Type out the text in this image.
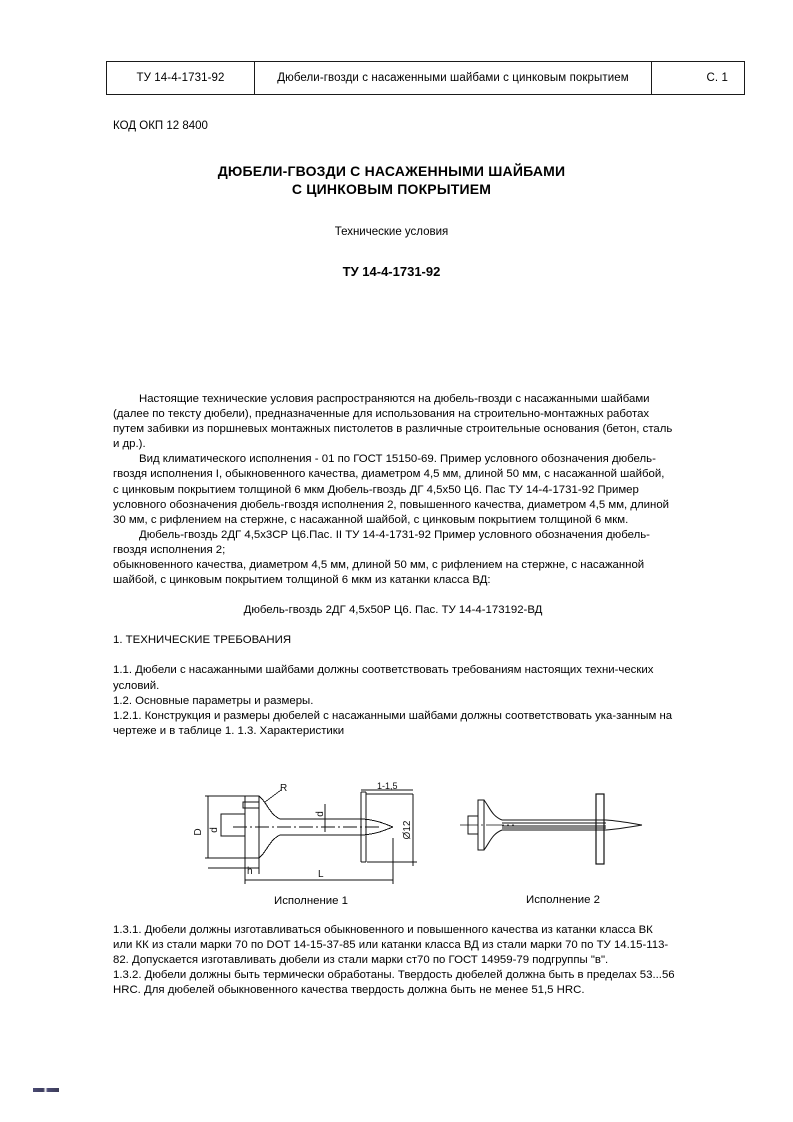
ТУ 14-4-1731-92	Дюбели-гвозди с насаженными шайбами с цинковым покрытием	С. 1

КОД ОКП 12 8400

ДЮБЕЛИ-ГВОЗДИ С НАСАЖЕННЫМИ ШАЙБАМИ

С ЦИНКОВЫМ ПОКРЫТИЕМ

Технические условия

ТУ 14-4-1731-92

Настоящие технические условия распространяются на дюбель-гвозди с насажанными шайбами (далее по тексту дюбели), предназначенные для использования на строительно-монтажных работах путем забивки из поршневых монтажных пистолетов в различные строительные основания (бетон, сталь и др.).

Вид климатического исполнения - 01 по ГОСТ 15150-69. Пример условного обозначения дюбель-гвоздя исполнения I, обыкновенного качества, диаметром 4,5 мм, длиной 50 мм, с насажанной шайбой, с цинковым покрытием толщиной 6 мкм Дюбель-гвоздь ДГ 4,5х50 Ц6. Пас ТУ 14-4-1731-92 Пример условного обозначения дюбель-гвоздя исполнения 2, повышенного качества, диаметром 4,5 мм, длиной 30 мм, с рифлением на стержне, с насажанной шайбой, с цинковым покрытием толщиной 6 мкм.

Дюбель-гвоздь 2ДГ 4,5х3СР Ц6.Пас. II ТУ 14-4-1731-92 Пример условного обозначения дюбель-гвоздя исполнения 2;

обыкновенного качества, диаметром 4,5 мм, длиной 50 мм, с рифлением на стержне, с насажанной шайбой, с цинковым покрытием толщиной 6 мкм из катанки класса ВД:

Дюбель-гвоздь 2ДГ 4,5х50Р Ц6. Пас. ТУ 14-4-173192-ВД

1. ТЕХНИЧЕСКИЕ ТРЕБОВАНИЯ

1.1. Дюбели с насажанными шайбами должны соответствовать требованиям настоящих техни-ческих условий.

1.2. Основные параметры и размеры.

1.2.1. Конструкция и размеры дюбелей с насажанными шайбами должны соответствовать ука-занным на чертеже и в таблице 1. 1.3. Характеристики

R
D d
h
d
L
1-1,5
Ø12
Исполнение 1	Исполнение 2

1.3.1. Дюбели должны изготавливаться обыкновенного и повышенного качества из катанки класса ВК или КК из стали марки 70 по DOT 14-15-37-85 или катанки класса ВД из стали марки 70 по ТУ 14.15-113-82. Допускается изготавливать дюбели из стали марки ст70 по ГОСТ 14959-79 подгруппы "в".

1.3.2. Дюбели должны быть термически обработаны. Твердость дюбелей должна быть в пределах 53...56 HRC. Для дюбелей обыкновенного качества твердость должна быть не менее 51,5 HRC.
